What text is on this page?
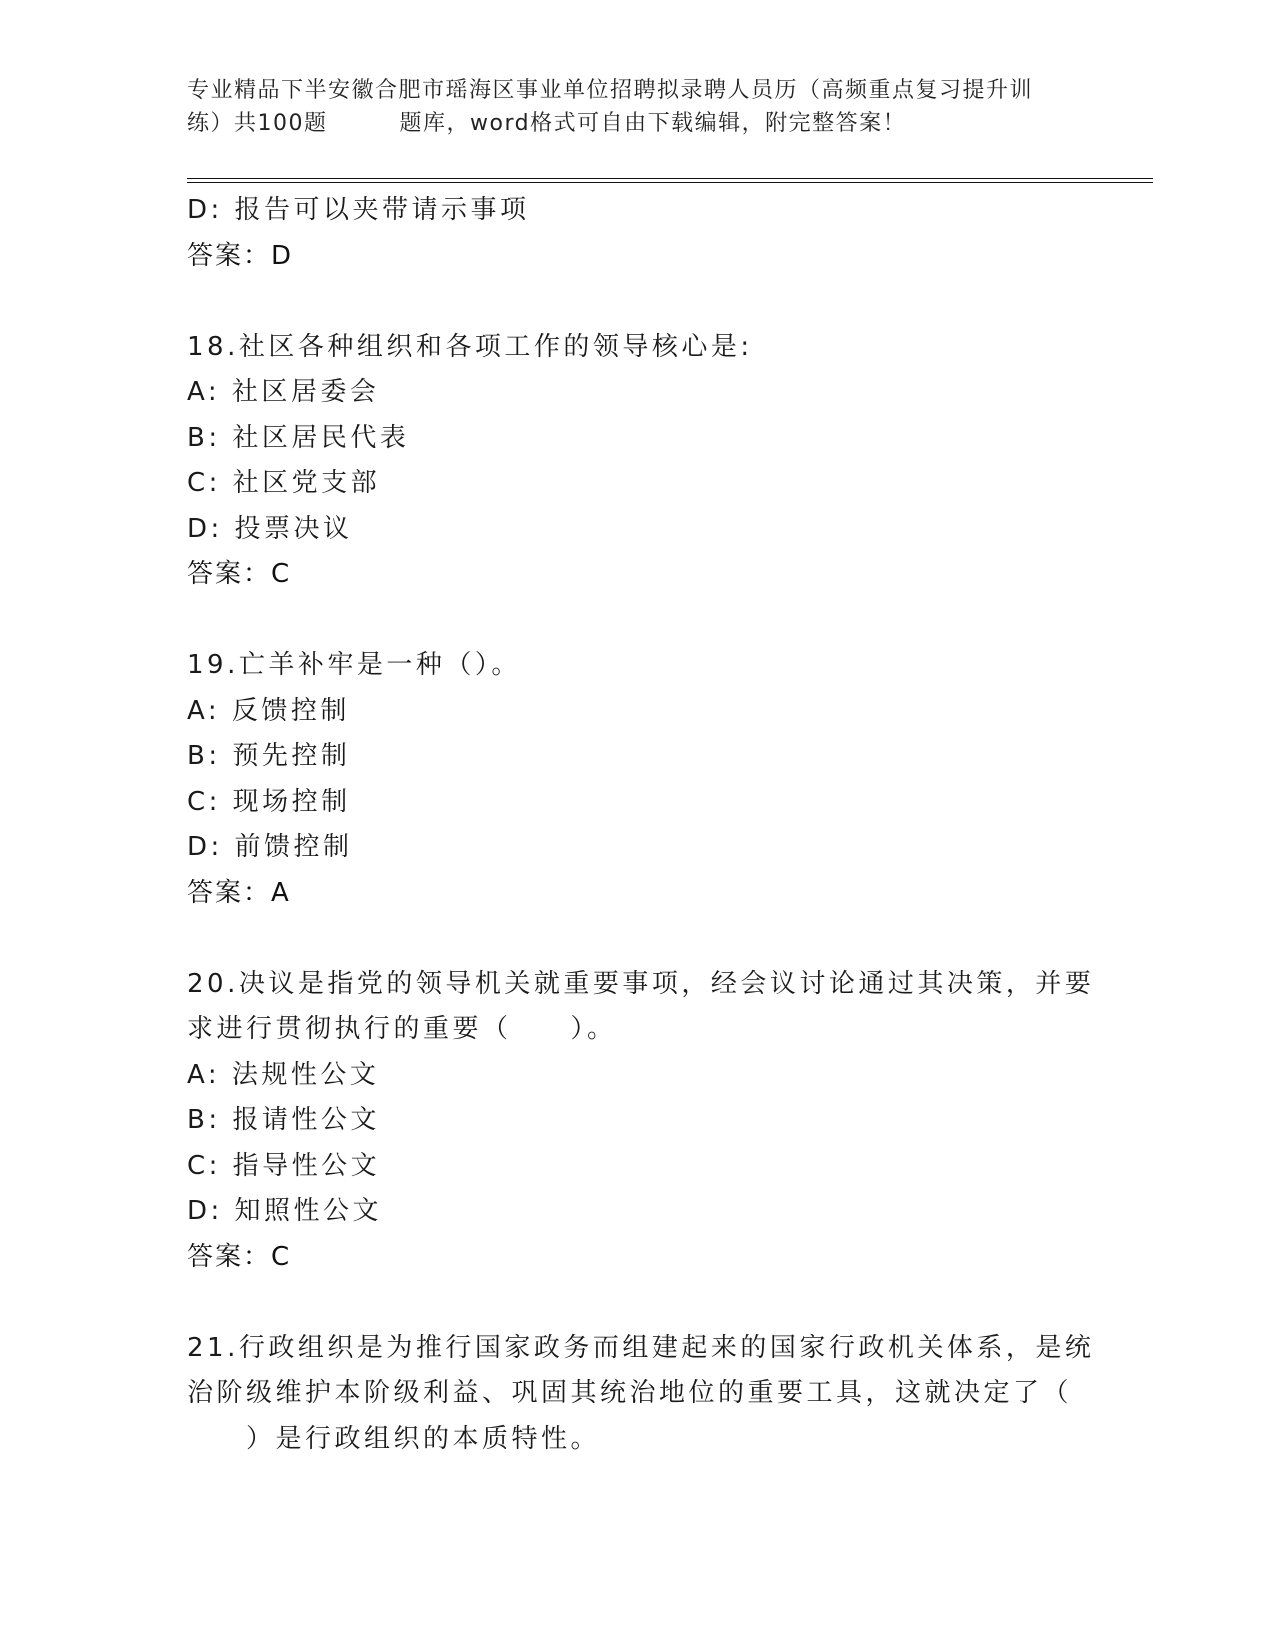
专业精品下半安徽合肥市瑶海区事业单位招聘拟录聘人员历（高频重点复习提升训
练）共100题	题库，word格式可自由下载编辑，附完整答案！
D: 报告可以夹带请示事项
答案：D
18.社区各种组织和各项工作的领导核心是:
A: 社区居委会
B: 社区居民代表
C: 社区党支部
D: 投票决议
答案：C
19.亡羊补牢是一种（）。
A: 反馈控制
B: 预先控制
C: 现场控制
D: 前馈控制
答案：A
20.决议是指党的领导机关就重要事项，经会议讨论通过其决策，并要
求进行贯彻执行的重要（　　）。
A: 法规性公文
B: 报请性公文
C: 指导性公文
D: 知照性公文
答案：C
21.行政组织是为推行国家政务而组建起来的国家行政机关体系，是统
治阶级维护本阶级利益、巩固其统治地位的重要工具，这就决定了（
　　）是行政组织的本质特性。
